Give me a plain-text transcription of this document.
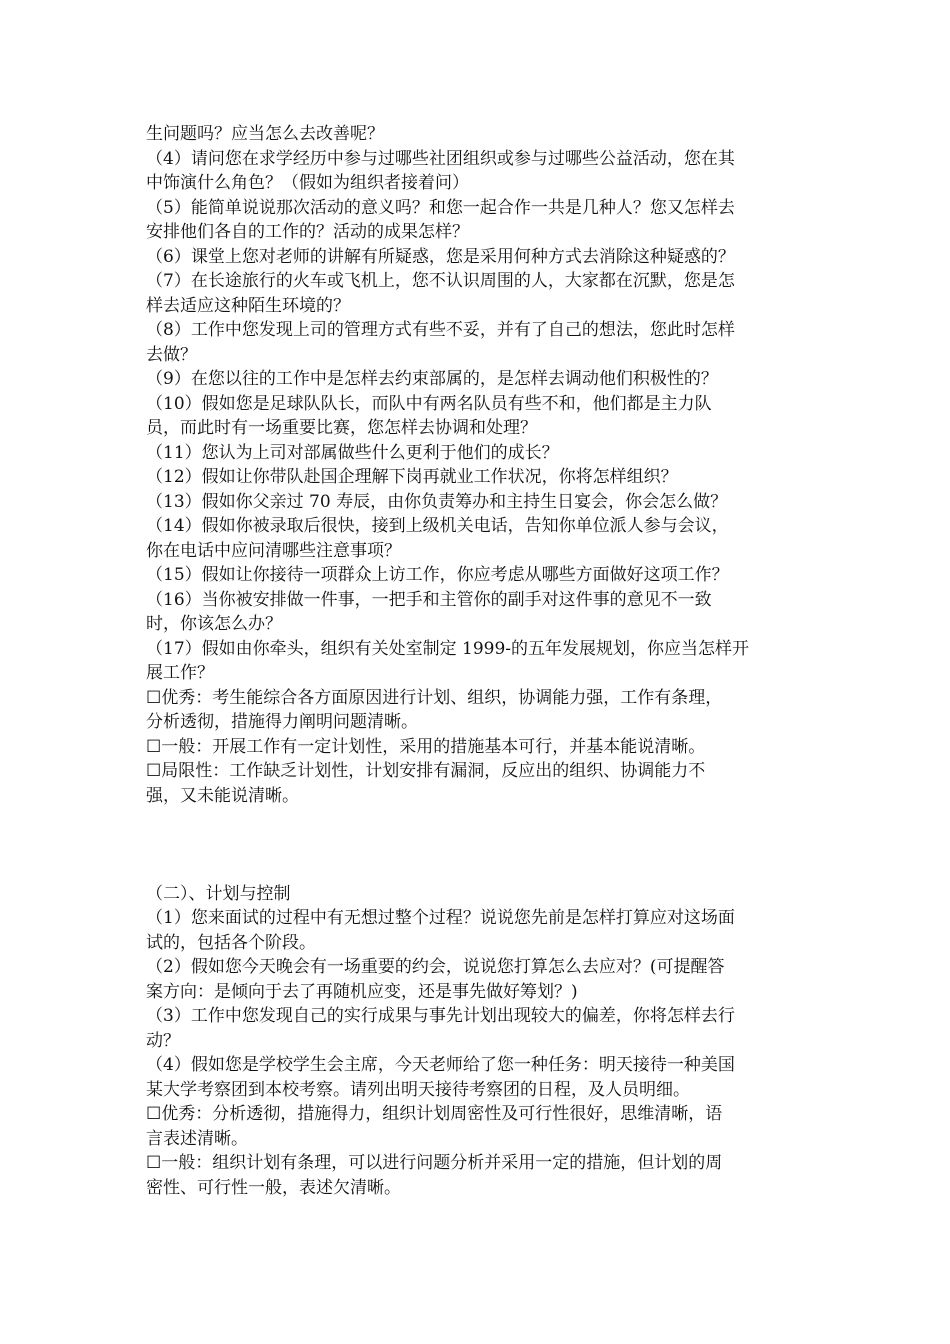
生问题吗？应当怎么去改善呢？
（4）请问您在求学经历中参与过哪些社团组织或参与过哪些公益活动，您在其
中饰演什么角色？（假如为组织者接着问）
（5）能简单说说那次活动的意义吗？和您一起合作一共是几种人？您又怎样去
安排他们各自的工作的？活动的成果怎样？
（6）课堂上您对老师的讲解有所疑惑，您是采用何种方式去消除这种疑惑的？
（7）在长途旅行的火车或飞机上，您不认识周围的人，大家都在沉默，您是怎
样去适应这种陌生环境的？
（8）工作中您发现上司的管理方式有些不妥，并有了自己的想法，您此时怎样
去做？
（9）在您以往的工作中是怎样去约束部属的，是怎样去调动他们积极性的？
（10）假如您是足球队队长，而队中有两名队员有些不和，他们都是主力队
员，而此时有一场重要比赛，您怎样去协调和处理？
（11）您认为上司对部属做些什么更利于他们的成长？
（12）假如让你带队赴国企理解下岗再就业工作状况，你将怎样组织？
（13）假如你父亲过 70 寿辰，由你负责筹办和主持生日宴会，你会怎么做？
（14）假如你被录取后很快，接到上级机关电话，告知你单位派人参与会议，
你在电话中应问清哪些注意事项？
（15）假如让你接待一项群众上访工作，你应考虑从哪些方面做好这项工作？
（16）当你被安排做一件事，一把手和主管你的副手对这件事的意见不一致
时，你该怎么办？
（17）假如由你牵头，组织有关处室制定 1999-的五年发展规划，你应当怎样开
展工作？
☐优秀：考生能综合各方面原因进行计划、组织，协调能力强，工作有条理，
分析透彻，措施得力阐明问题清晰。
☐一般：开展工作有一定计划性，采用的措施基本可行，并基本能说清晰。
☐局限性：工作缺乏计划性，计划安排有漏洞，反应出的组织、协调能力不
强，又未能说清晰。
（二）、计划与控制
（1）您来面试的过程中有无想过整个过程？说说您先前是怎样打算应对这场面
试的，包括各个阶段。
（2）假如您今天晚会有一场重要的约会，说说您打算怎么去应对？(可提醒答
案方向：是倾向于去了再随机应变，还是事先做好筹划？)
（3）工作中您发现自己的实行成果与事先计划出现较大的偏差，你将怎样去行
动？
（4）假如您是学校学生会主席，今天老师给了您一种任务：明天接待一种美国
某大学考察团到本校考察。请列出明天接待考察团的日程，及人员明细。
☐优秀：分析透彻，措施得力，组织计划周密性及可行性很好，思维清晰，语
言表述清晰。
☐一般：组织计划有条理，可以进行问题分析并采用一定的措施，但计划的周
密性、可行性一般，表述欠清晰。
